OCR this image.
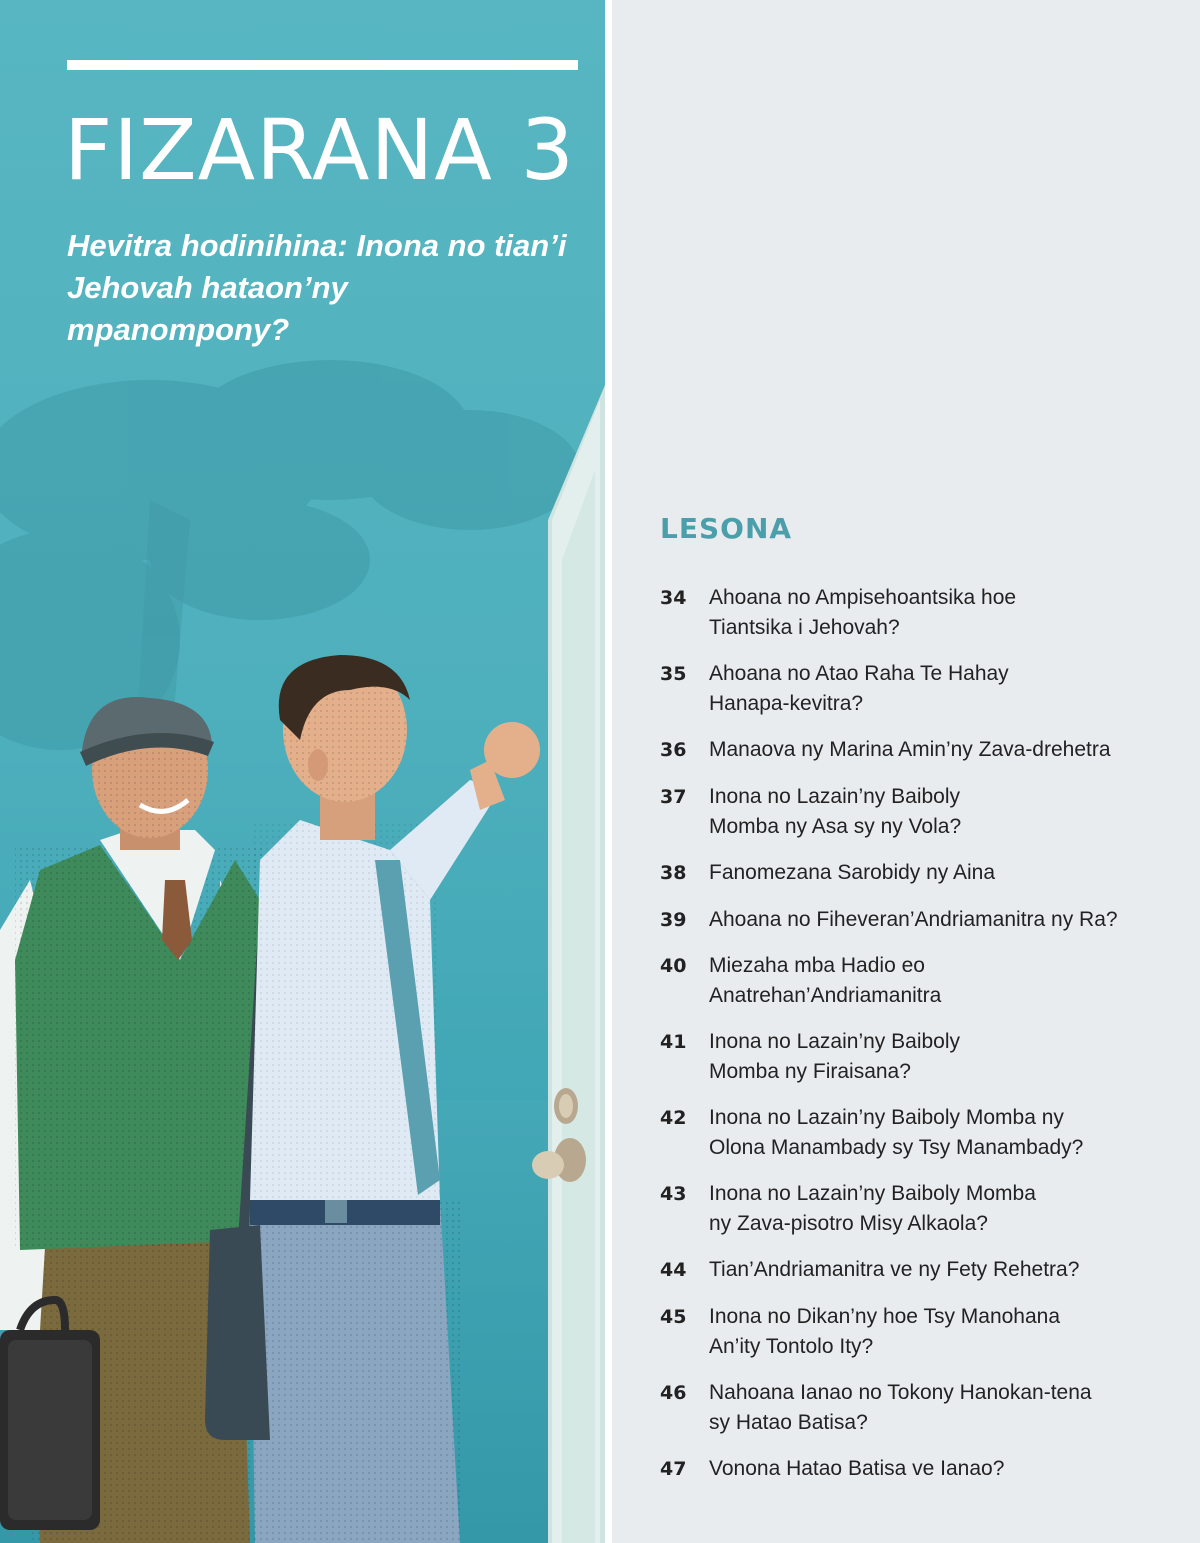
FIZARANA 3

Hevitra hodinihina: Inona no tian’i Jehovah hataon’ny mpanompony?

LESONA
34	Ahoana no Ampisehoantsika hoe
Tiantsika i Jehovah?
35	Ahoana no Atao Raha Te Hahay
Hanapa-kevitra?
36	Manaova ny Marina Amin’ny Zava-drehetra
37	Inona no Lazain’ny Baiboly
Momba ny Asa sy ny Vola?
38	Fanomezana Sarobidy ny Aina
39	Ahoana no Fiheveran’Andriamanitra ny Ra?
40	Miezaha mba Hadio eo
Anatrehan’Andriamanitra
41	Inona no Lazain’ny Baiboly
Momba ny Firaisana?
42	Inona no Lazain’ny Baiboly Momba ny
Olona Manambady sy Tsy Manambady?
43	Inona no Lazain’ny Baiboly Momba
ny Zava-pisotro Misy Alkaola?
44	Tian’Andriamanitra ve ny Fety Rehetra?
45	Inona no Dikan’ny hoe Tsy Manohana
An’ity Tontolo Ity?
46	Nahoana Ianao no Tokony Hanokan-tena
sy Hatao Batisa?
47	Vonona Hatao Batisa ve Ianao?
